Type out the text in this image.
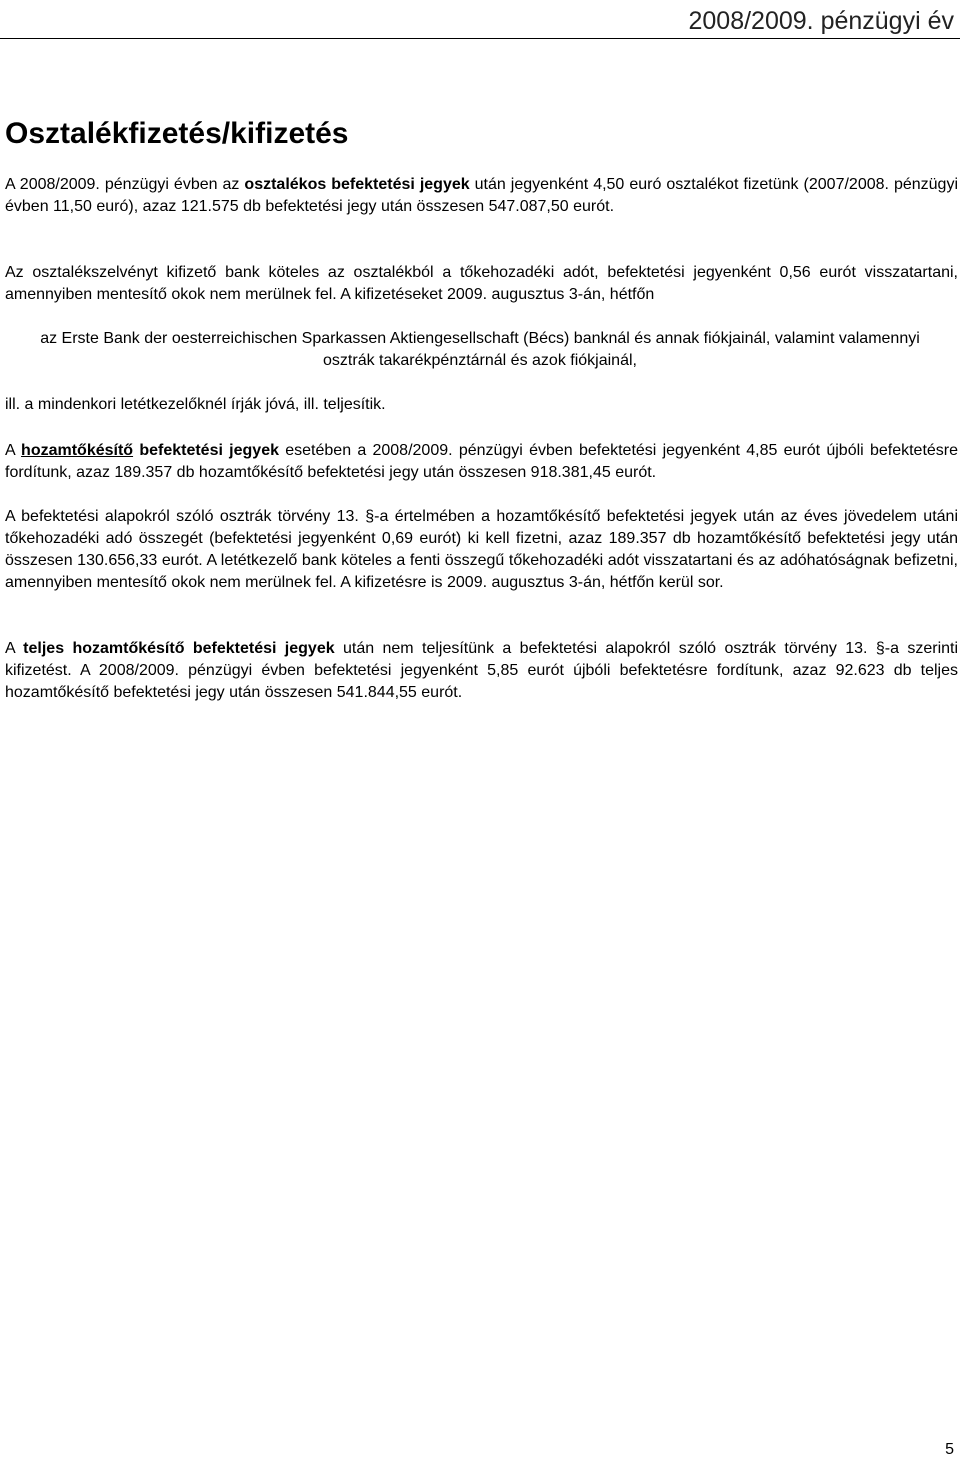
2008/2009. pénzügyi év
Osztalékfizetés/kifizetés

A 2008/2009. pénzügyi évben az osztalékos befektetési jegyek után jegyenként 4,50 euró osztalékot fizetünk (2007/2008. pénzügyi évben 11,50 euró), azaz 121.575 db befektetési jegy után összesen 547.087,50 eurót.

Az osztalékszelvényt kifizető bank köteles az osztalékból a tőkehozadéki adót, befektetési jegyenként 0,56 eurót visszatartani, amennyiben mentesítő okok nem merülnek fel. A kifizetéseket 2009. augusztus 3-án, hétfőn

az Erste Bank der oesterreichischen Sparkassen Aktiengesellschaft (Bécs) banknál és annak fiókjainál, valamint valamennyi osztrák takarékpénztárnál és azok fiókjainál,

ill. a mindenkori letétkezelőknél írják jóvá, ill. teljesítik.

A hozamtőkésítő befektetési jegyek esetében a 2008/2009. pénzügyi évben befektetési jegyenként 4,85 eurót újbóli befektetésre fordítunk, azaz 189.357 db hozamtőkésítő befektetési jegy után összesen 918.381,45 eurót.

A befektetési alapokról szóló osztrák törvény 13. §-a értelmében a hozamtőkésítő befektetési jegyek után az éves jövedelem utáni tőkehozadéki adó összegét (befektetési jegyenként 0,69 eurót) ki kell fizetni, azaz 189.357 db hozamtőkésítő befektetési jegy után összesen 130.656,33 eurót. A letétkezelő bank köteles a fenti összegű tőkehozadéki adót visszatartani és az adóhatóságnak befizetni, amennyiben mentesítő okok nem merülnek fel. A kifizetésre is 2009. augusztus 3-án, hétfőn kerül sor.

A teljes hozamtőkésítő befektetési jegyek után nem teljesítünk a befektetési alapokról szóló osztrák törvény 13. §-a szerinti kifizetést. A 2008/2009. pénzügyi évben befektetési jegyenként 5,85 eurót újbóli befektetésre fordítunk, azaz 92.623 db teljes hozamtőkésítő befektetési jegy után összesen 541.844,55 eurót.

5
